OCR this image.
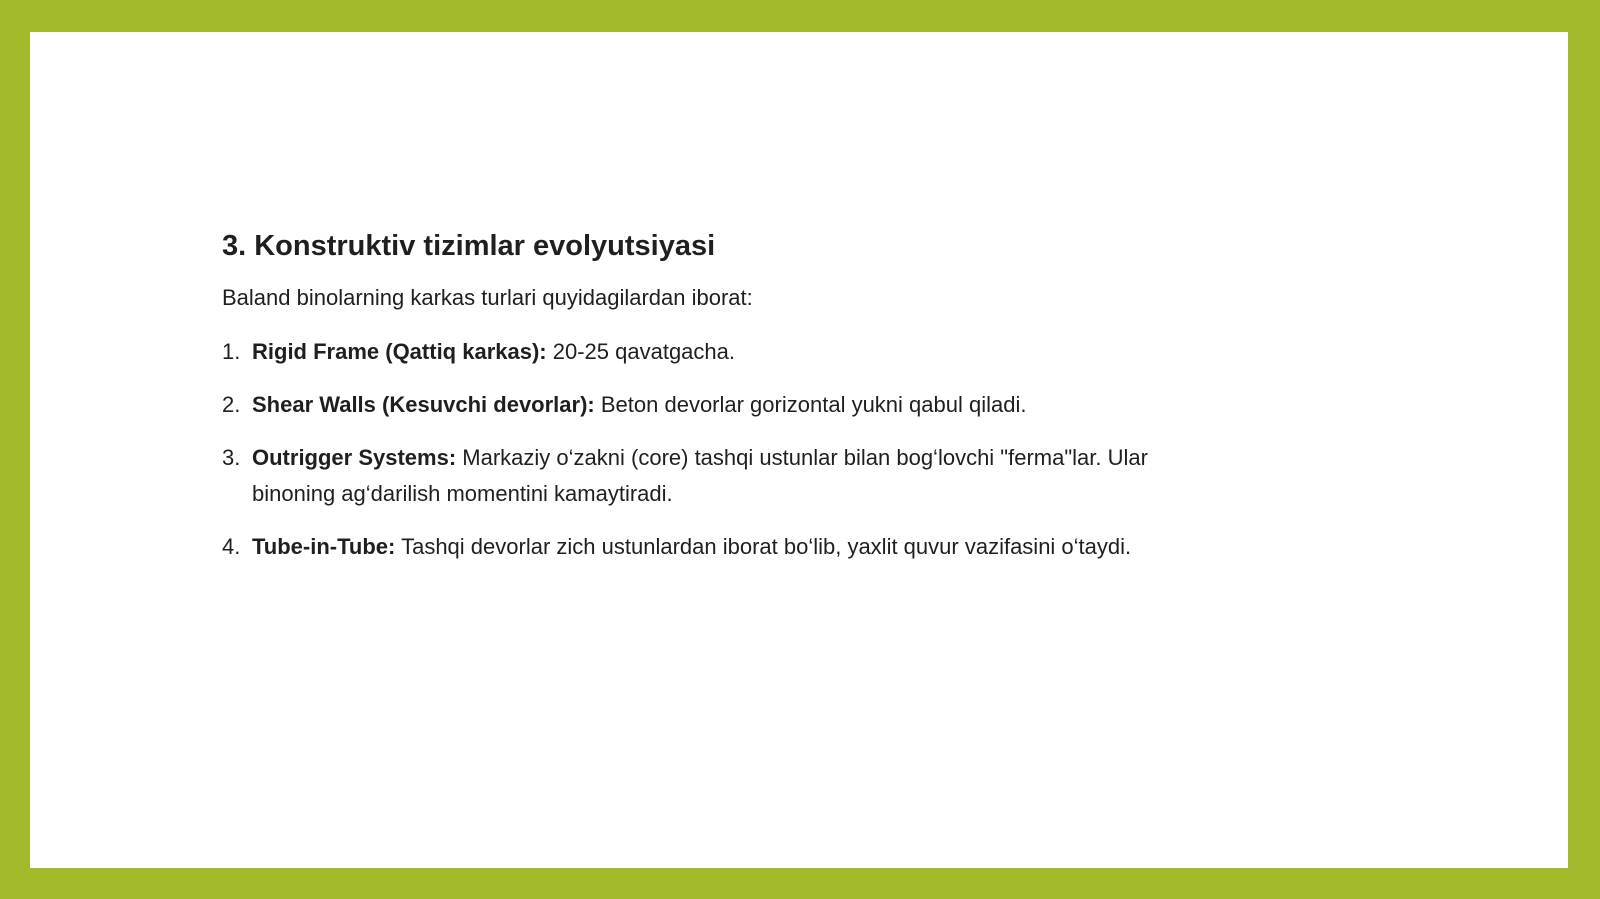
3. Konstruktiv tizimlar evolyutsiyasi

Baland binolarning karkas turlari quyidagilardan iborat:

1. Rigid Frame (Qattiq karkas): 20-25 qavatgacha.
2. Shear Walls (Kesuvchi devorlar): Beton devorlar gorizontal yukni qabul qiladi.
3. Outrigger Systems: Markaziy o‘zakni (core) tashqi ustunlar bilan bog‘lovchi "ferma"lar. Ular binoning ag‘darilish momentini kamaytiradi.
4. Tube-in-Tube: Tashqi devorlar zich ustunlardan iborat bo‘lib, yaxlit quvur vazifasini o‘taydi.
